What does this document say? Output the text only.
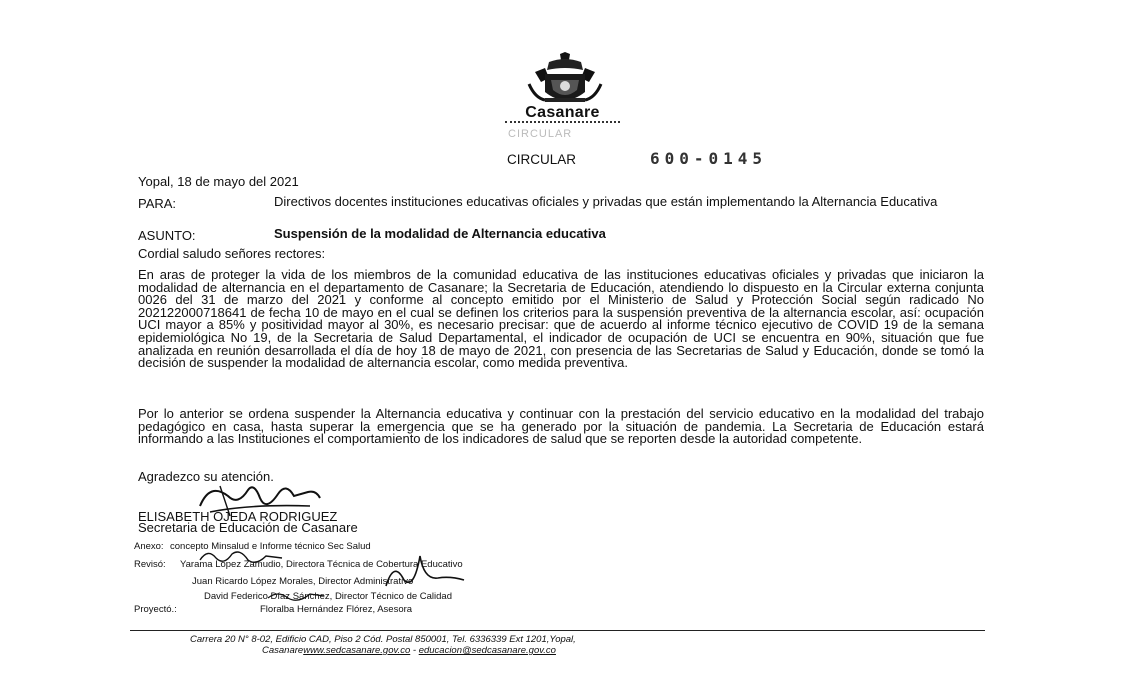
Casanare
CIRCULAR
CIRCULAR	600-0145
Yopal, 18 de mayo del 2021
PARA:	Directivos docentes instituciones educativas oficiales y privadas que están implementando la Alternancia Educativa
ASUNTO:	Suspensión de la modalidad de Alternancia educativa
Cordial saludo señores rectores:
En aras de proteger la vida de los miembros de la comunidad educativa de las instituciones educativas oficiales y privadas que iniciaron la modalidad de alternancia en el departamento de Casanare; la Secretaria de Educación, atendiendo lo dispuesto en la Circular externa conjunta 0026 del 31 de marzo del 2021 y conforme al concepto emitido por el Ministerio de Salud y Protección Social según radicado No 202122000718641 de fecha 10 de mayo en el cual se definen los criterios para la suspensión preventiva de la alternancia escolar, así: ocupación UCI mayor a 85% y positividad mayor al 30%, es necesario precisar: que de acuerdo al informe técnico ejecutivo de COVID 19 de la semana epidemiológica No 19, de la Secretaria de Salud Departamental, el indicador de ocupación de UCI se encuentra en 90%, situación que fue analizada en reunión desarrollada el día de hoy 18 de mayo de 2021, con presencia de las Secretarias de Salud y Educación, donde se tomó la decisión de suspender la modalidad de alternancia escolar, como medida preventiva.
Por lo anterior se ordena suspender la Alternancia educativa y continuar con la prestación del servicio educativo en la modalidad del trabajo pedagógico en casa, hasta superar la emergencia que se ha generado por la situación de pandemia. La Secretaria de Educación estará informando a las Instituciones el comportamiento de los indicadores de salud que se reporten desde la autoridad competente.
Agradezco su atención.
ELISABETH OJEDA RODRIGUEZ
Secretaria de Educación de Casanare
Anexo: concepto Minsalud e Informe técnico Sec Salud
Revisó: Yarama López Zamudio, Directora Técnica de Cobertura Educativo
Juan Ricardo López Morales, Director Administrativo
David Federico Díaz Sánchez, Director Técnico de Calidad
Proyectó.:	Floralba Hernández Flórez, Asesora
Carrera 20 N° 8-02, Edificio CAD, Piso 2 Cód. Postal 850001, Tel. 6336339 Ext 1201,Yopal,
Casanarewww.sedcasanare.gov.co - educacion@sedcasanare.gov.co
